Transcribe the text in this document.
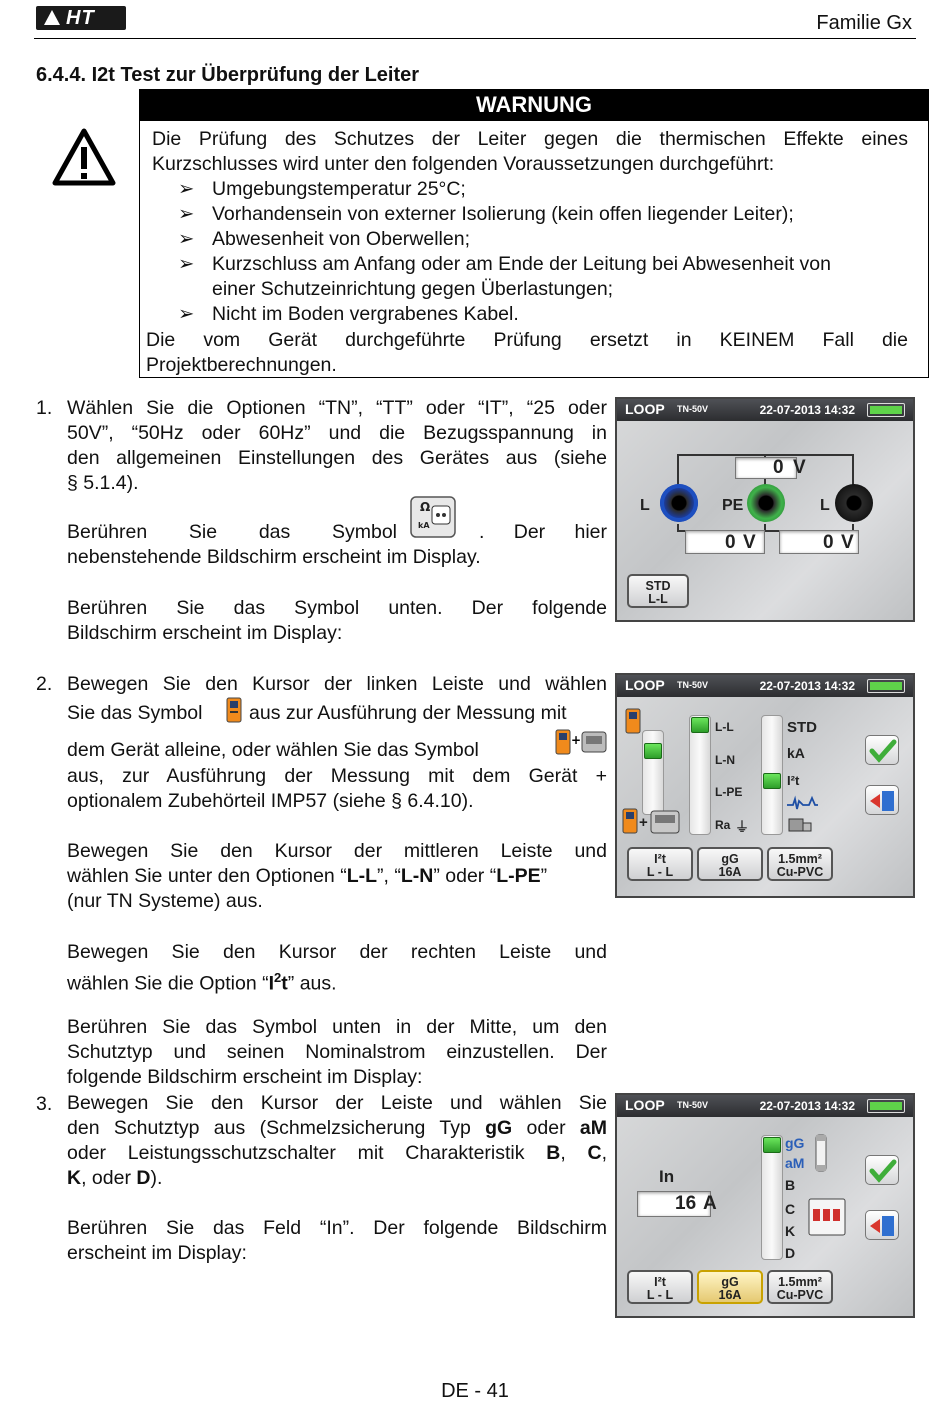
HT	Familie Gx
6.4.4. I2t Test zur Überprüfung der Leiter
WARNUNG
Die Prüfung des Schutzes der Leiter gegen die thermischen Effekte eines
Kurzschlusses wird unter den folgenden Voraussetzungen durchgeführt:
➢ Umgebungstemperatur 25°C;
➢ Vorhandensein von externer Isolierung (kein offen liegender Leiter);
➢ Abwesenheit von Oberwellen;
➢ Kurzschluss am Anfang oder am Ende der Leitung bei Abwesenheit von
einer Schutzeinrichtung gegen Überlastungen;
➢ Nicht im Boden vergrabenes Kabel.
Die vom Gerät durchgeführte Prüfung ersetzt in KEINEM Fall die
Projektberechnungen.
1. Wählen Sie die Optionen “TN”, “TT” oder “IT”, “25 oder
50V”, “50Hz oder 60Hz” und die Bezugsspannung in
den allgemeinen Einstellungen des Gerätes aus (siehe
§ 5.1.4).
Berühren Sie das Symbol	. Der hier
Ω
kA
nebenstehende Bildschirm erscheint im Display.
Berühren Sie das Symbol unten. Der folgende
Bildschirm erscheint im Display:
LOOP TN-50V	22-07-2013 14:32
0 V
L	PE	L
0 V	0 V
STD
L-L
2. Bewegen Sie den Kursor der linken Leiste und wählen
Sie das Symbol aus zur Ausführung der Messung mit
dem Gerät alleine, oder wählen Sie das Symbol	+
aus, zur Ausführung der Messung mit dem Gerät +
optionalem Zubehörteil IMP57 (siehe § 6.4.10).
Bewegen Sie den Kursor der mittleren Leiste und
wählen Sie unter den Optionen “L-L”, “L-N” oder “L-PE”
(nur TN Systeme) aus.
Bewegen Sie den Kursor der rechten Leiste und
wählen Sie die Option “$I^2t$” aus.
Berühren Sie das Symbol unten in der Mitte, um den
Schutztyp und seinen Nominalstrom einzustellen. Der
folgende Bildschirm erscheint im Display:
LOOP TN-50V	22-07-2013 14:32
+
L-L
L-N
L-PE
Ra ⏚
STD
kA
I²t
I²t
L - L
gG
16A
1.5mm²
Cu-PVC
3. Bewegen Sie den Kursor der Leiste und wählen Sie
den Schutztyp aus (Schmelzsicherung Typ gG oder aM
oder Leistungsschutzschalter mit Charakteristik B, C,
K, oder D).
Berühren Sie das Feld “In”. Der folgende Bildschirm
erscheint im Display:
LOOP TN-50V	22-07-2013 14:32
In
16 A
gG
aM
B
C
K
D
I²t
L - L
gG
16A
1.5mm²
Cu-PVC
DE - 41
